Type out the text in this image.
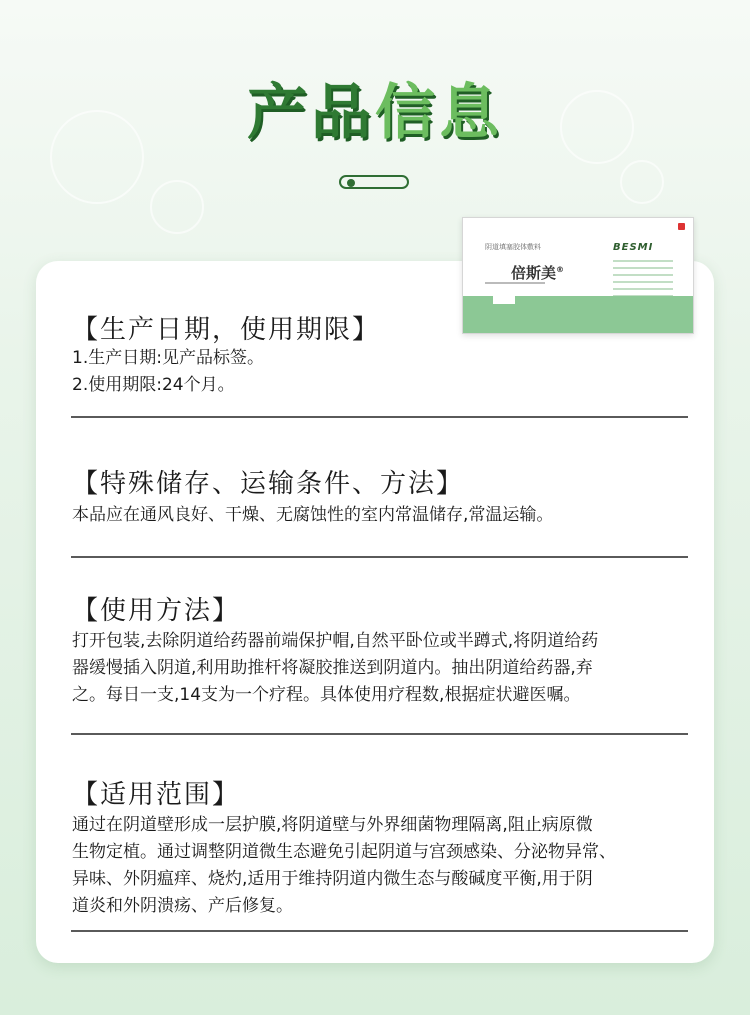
产品信息
阴道填塞胶体敷料
倍斯美®
BESMI
【生产日期，使用期限】

1.生产日期:见产品标签。

2.使用期限:24个月。

【特殊储存、运输条件、方法】

本品应在通风良好、干燥、无腐蚀性的室内常温储存,常温运输。

【使用方法】

打开包装,去除阴道给药器前端保护帽,自然平卧位或半蹲式,将阴道给药

器缓慢插入阴道,利用助推杆将凝胶推送到阴道内。抽出阴道给药器,弃

之。每日一支,14支为一个疗程。具体使用疗程数,根据症状避医嘱。

【适用范围】

通过在阴道壁形成一层护膜,将阴道壁与外界细菌物理隔离,阻止病原微

生物定植。通过调整阴道微生态避免引起阴道与宫颈感染、分泌物异常、

异味、外阴瘟痒、烧灼,适用于维持阴道内微生态与酸碱度平衡,用于阴

道炎和外阴溃疡、产后修复。
